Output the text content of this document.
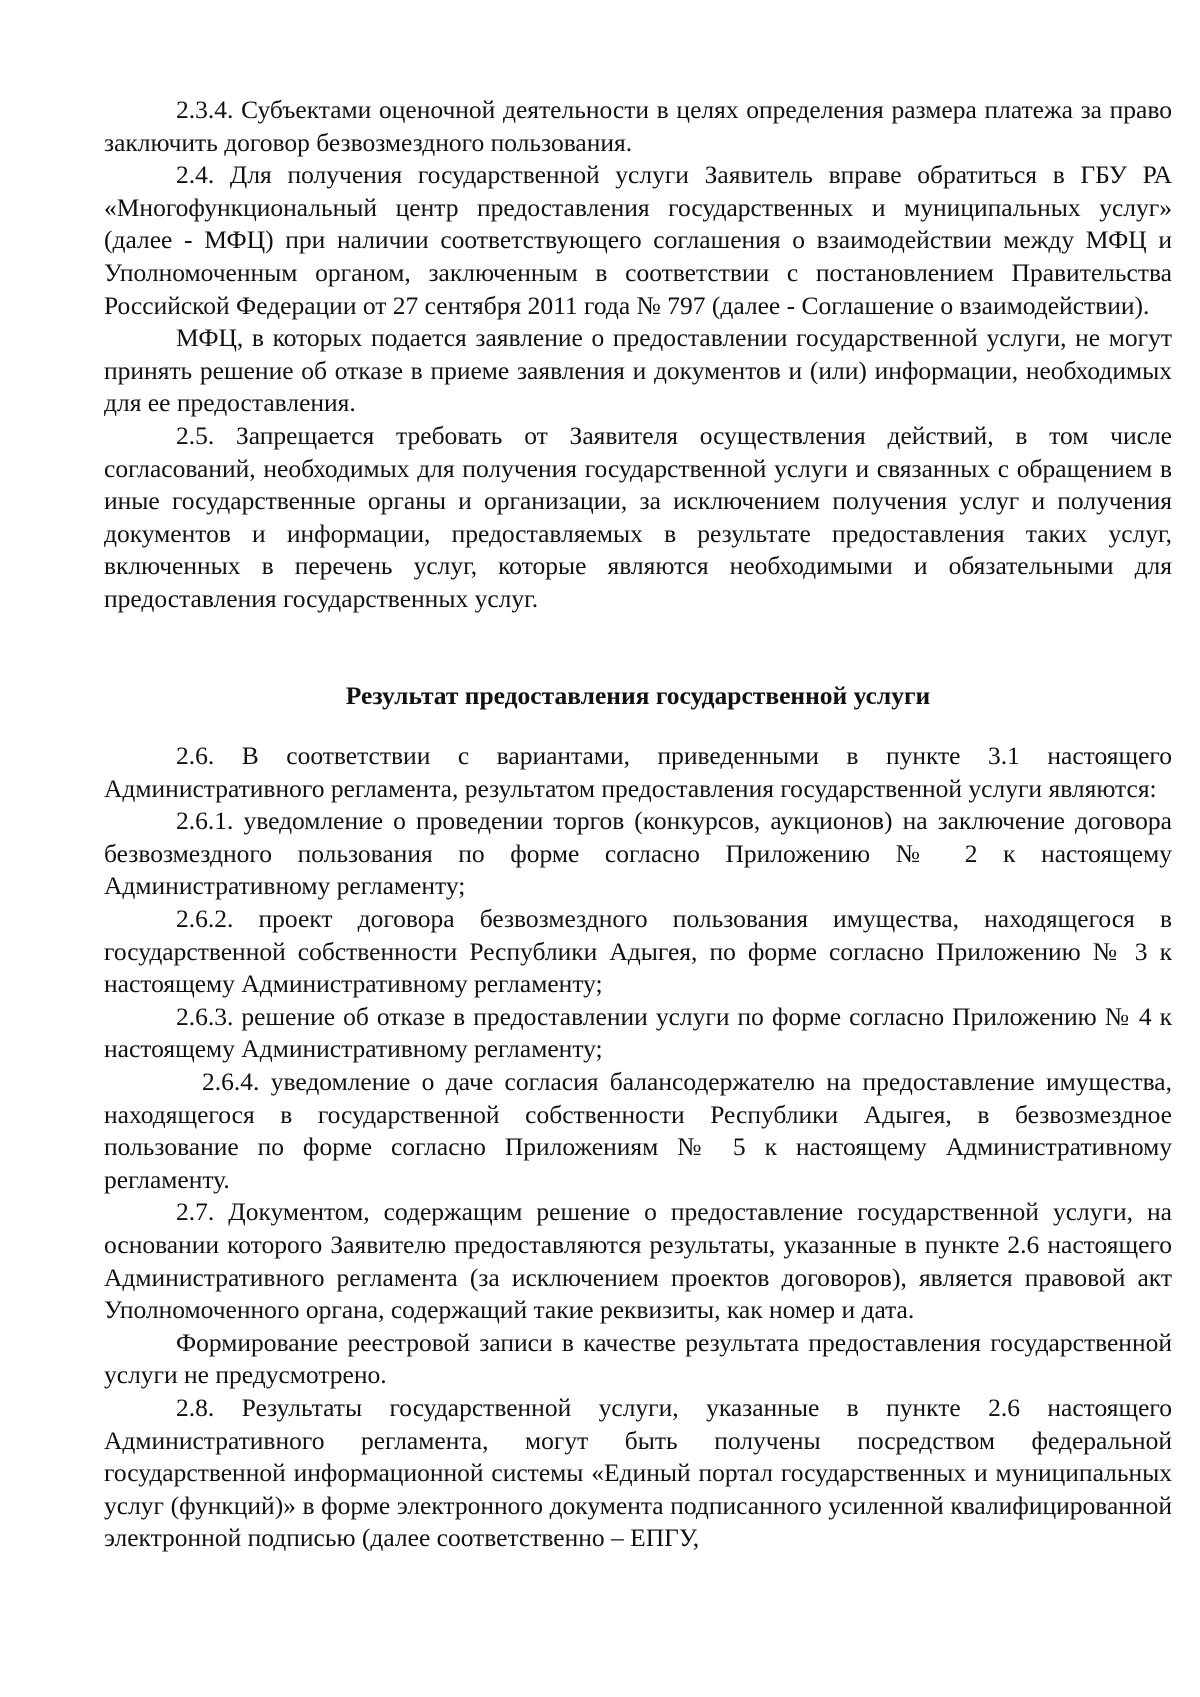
2.3.4. Субъектами оценочной деятельности в целях определения размера платежа за право заключить договор безвозмездного пользования.

2.4. Для получения государственной услуги Заявитель вправе обратиться в ГБУ РА «Многофункциональный центр предоставления государственных и муниципальных услуг» (далее - МФЦ) при наличии соответствующего соглашения о взаимодействии между МФЦ и Уполномоченным органом, заключенным в соответствии с постановлением Правительства Российской Федерации от 27 сентября 2011 года № 797 (далее - Соглашение о взаимодействии).

МФЦ, в которых подается заявление о предоставлении государственной услуги, не могут принять решение об отказе в приеме заявления и документов и (или) информации, необходимых для ее предоставления.

2.5. Запрещается требовать от Заявителя осуществления действий, в том числе согласований, необходимых для получения государственной услуги и связанных с обращением в иные государственные органы и организации, за исключением получения услуг и получения документов и информации, предоставляемых в результате предоставления таких услуг, включенных в перечень услуг, которые являются необходимыми и обязательными для предоставления государственных услуг.

Результат предоставления государственной услуги

2.6. В соответствии с вариантами, приведенными в пункте 3.1 настоящего Административного регламента, результатом предоставления государственной услуги являются:

2.6.1. уведомление о проведении торгов (конкурсов, аукционов) на заключение договора безвозмездного пользования по форме согласно Приложению № 2 к настоящему Административному регламенту;

2.6.2. проект договора безвозмездного пользования имущества, находящегося в государственной собственности Республики Адыгея, по форме согласно Приложению № 3 к настоящему Административному регламенту;

2.6.3. решение об отказе в предоставлении услуги по форме согласно Приложению № 4 к настоящему Административному регламенту;

2.6.4. уведомление о даче согласия балансодержателю на предоставление имущества, находящегося в государственной собственности Республики Адыгея, в безвозмездное пользование по форме согласно Приложениям № 5 к настоящему Административному регламенту.

2.7. Документом, содержащим решение о предоставление государственной услуги, на основании которого Заявителю предоставляются результаты, указанные в пункте 2.6 настоящего Административного регламента (за исключением проектов договоров), является правовой акт Уполномоченного органа, содержащий такие реквизиты, как номер и дата.

Формирование реестровой записи в качестве результата предоставления государственной услуги не предусмотрено.

2.8. Результаты государственной услуги, указанные в пункте 2.6 настоящего Административного регламента, могут быть получены посредством федеральной государственной информационной системы «Единый портал государственных и муниципальных услуг (функций)» в форме электронного документа подписанного усиленной квалифицированной электронной подписью (далее соответственно – ЕПГУ,
